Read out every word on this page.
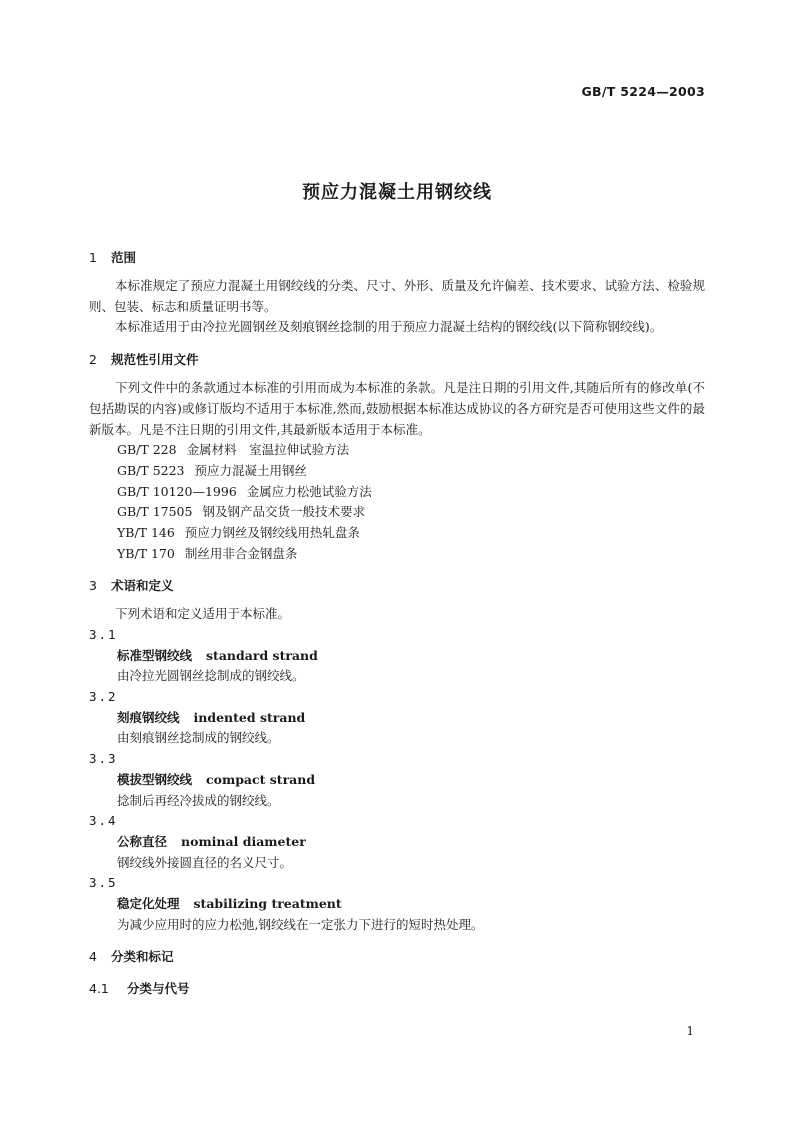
GB/T 5224—2003
预应力混凝土用钢绞线
1 范围

本标准规定了预应力混凝土用钢绞线的分类、尺寸、外形、质量及允许偏差、技术要求、试验方法、检验规则、包装、标志和质量证明书等。

本标准适用于由冷拉光圆钢丝及刻痕钢丝捻制的用于预应力混凝土结构的钢绞线(以下简称钢绞线)。

2 规范性引用文件

下列文件中的条款通过本标准的引用而成为本标准的条款。凡是注日期的引用文件,其随后所有的修改单(不包括勘误的内容)或修订版均不适用于本标准,然而,鼓励根据本标准达成协议的各方研究是否可使用这些文件的最新版本。凡是不注日期的引用文件,其最新版本适用于本标准。

GB/T 228 金属材料　室温拉伸试验方法
GB/T 5223 预应力混凝土用钢丝
GB/T 10120—1996 金属应力松弛试验方法
GB/T 17505 钢及钢产品交货一般技术要求
YB/T 146 预应力钢丝及钢绞线用热轧盘条
YB/T 170 制丝用非合金钢盘条
3 术语和定义

下列术语和定义适用于本标准。

3.1
标准型钢绞线 standard strand
由冷拉光圆钢丝捻制成的钢绞线。
3.2
刻痕钢绞线 indented strand
由刻痕钢丝捻制成的钢绞线。
3.3
模拔型钢绞线 compact strand
捻制后再经冷拔成的钢绞线。
3.4
公称直径 nominal diameter
钢绞线外接圆直径的名义尺寸。
3.5
稳定化处理 stabilizing treatment
为减少应用时的应力松弛,钢绞线在一定张力下进行的短时热处理。
4 分类和标记
4.1 分类与代号
1
